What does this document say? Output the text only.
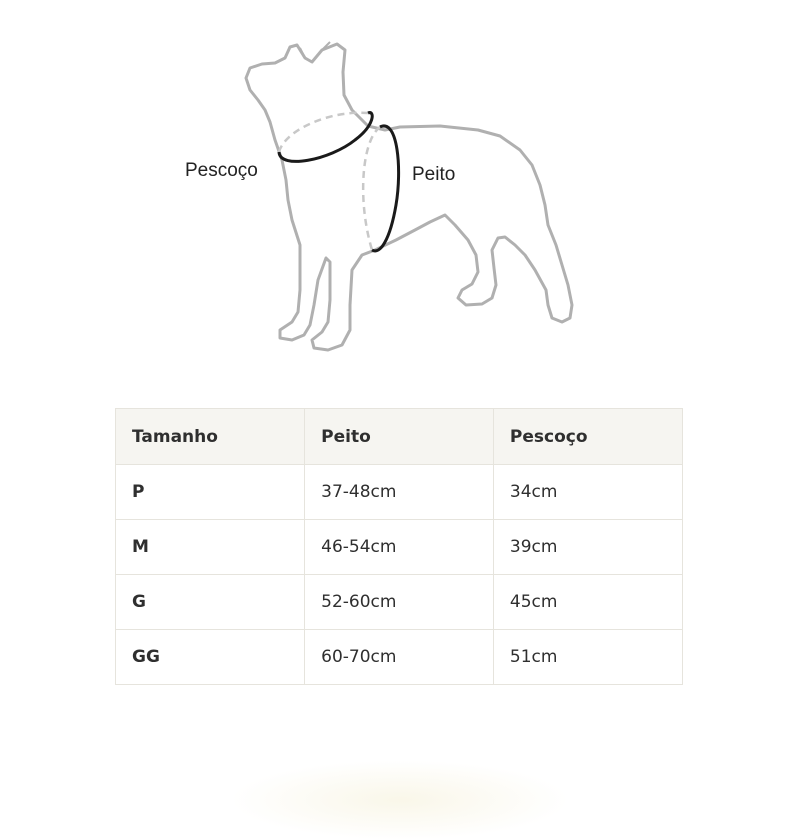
Pescoço	Peito
Tamanho	Peito	Pescoço
P	37-48cm	34cm
M	46-54cm	39cm
G	52-60cm	45cm
GG	60-70cm	51cm
